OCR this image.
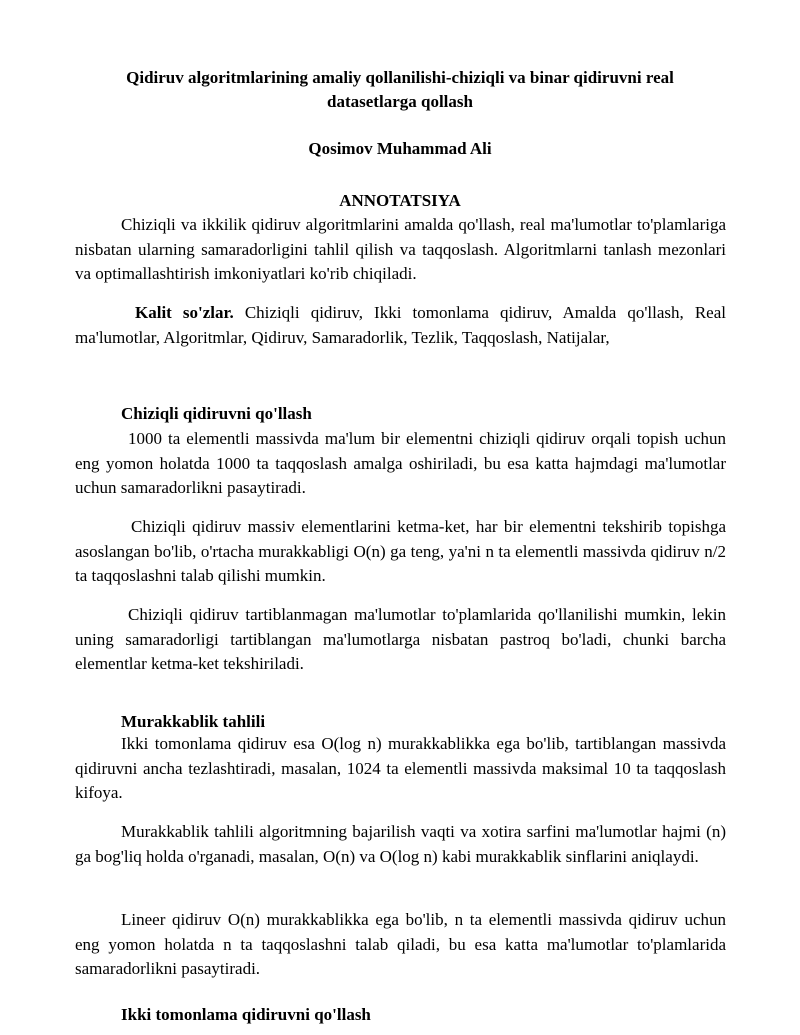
Qidiruv algoritmlarining amaliy qollanilishi-chiziqli va binar qidiruvni real datasetlarga qollash

Qosimov Muhammad Ali

ANNOTATSIYA

Chiziqli va ikkilik qidiruv algoritmlarini amalda qo'llash, real ma'lumotlar to'plamlariga nisbatan ularning samaradorligini tahlil qilish va taqqoslash. Algoritmlarni tanlash mezonlari va optimallashtirish imkoniyatlari ko'rib chiqiladi.

Kalit so'zlar. Chiziqli qidiruv, Ikki tomonlama qidiruv, Amalda qo'llash, Real ma'lumotlar, Algoritmlar, Qidiruv, Samaradorlik, Tezlik, Taqqoslash, Natijalar,

Chiziqli qidiruvni qo'llash

1000 ta elementli massivda ma'lum bir elementni chiziqli qidiruv orqali topish uchun eng yomon holatda 1000 ta taqqoslash amalga oshiriladi, bu esa katta hajmdagi ma'lumotlar uchun samaradorlikni pasaytiradi.

Chiziqli qidiruv massiv elementlarini ketma-ket, har bir elementni tekshirib topishga asoslangan bo'lib, o'rtacha murakkabligi O(n) ga teng, ya'ni n ta elementli massivda qidiruv n/2 ta taqqoslashni talab qilishi mumkin.

Chiziqli qidiruv tartiblanmagan ma'lumotlar to'plamlarida qo'llanilishi mumkin, lekin uning samaradorligi tartiblangan ma'lumotlarga nisbatan pastroq bo'ladi, chunki barcha elementlar ketma-ket tekshiriladi.

Murakkablik tahlili

Ikki tomonlama qidiruv esa O(log n) murakkablikka ega bo'lib, tartiblangan massivda qidiruvni ancha tezlashtiradi, masalan, 1024 ta elementli massivda maksimal 10 ta taqqoslash kifoya.

Murakkablik tahlili algoritmning bajarilish vaqti va xotira sarfini ma'lumotlar hajmi (n) ga bog'liq holda o'rganadi, masalan, O(n) va O(log n) kabi murakkablik sinflarini aniqlaydi.

Lineer qidiruv O(n) murakkablikka ega bo'lib, n ta elementli massivda qidiruv uchun eng yomon holatda n ta taqqoslashni talab qiladi, bu esa katta ma'lumotlar to'plamlarida samaradorlikni pasaytiradi.

Ikki tomonlama qidiruvni qo'llash
